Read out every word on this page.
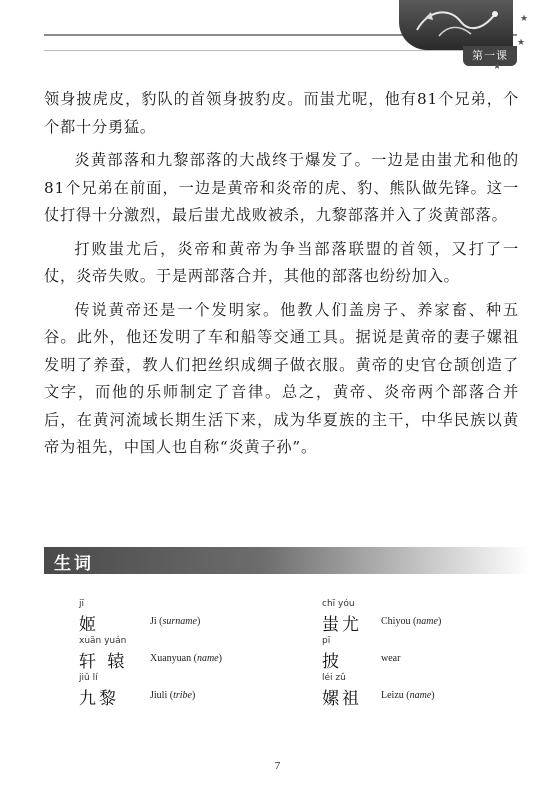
第一课
★
★
★

领身披虎皮，豹队的首领身披豹皮。而蚩尤呢，他有81个兄弟，个个都十分勇猛。

炎黄部落和九黎部落的大战终于爆发了。一边是由蚩尤和他的81个兄弟在前面，一边是黄帝和炎帝的虎、豹、熊队做先锋。这一仗打得十分激烈，最后蚩尤战败被杀，九黎部落并入了炎黄部落。

打败蚩尤后，炎帝和黄帝为争当部落联盟的首领，又打了一仗，炎帝失败。于是两部落合并，其他的部落也纷纷加入。

传说黄帝还是一个发明家。他教人们盖房子、养家畜、种五谷。此外，他还发明了车和船等交通工具。据说是黄帝的妻子嫘祖发明了养蚕，教人们把丝织成绸子做衣服。黄帝的史官仓颉创造了文字，而他的乐师制定了音律。总之，黄帝、炎帝两个部落合并后，在黄河流域长期生活下来，成为华夏族的主干，中华民族以黄帝为祖先，中国人也自称“炎黄子孙”。

生词
jī
姬	Ji (surname)
chī yóu
蚩尤 Chiyou (name)
xuān yuán
轩 辕 Xuanyuan (name)
pī
披	wear
jiǔ lí
九黎	Jiuli (tribe)
léi zǔ
嫘祖 Leizu (name)
7
